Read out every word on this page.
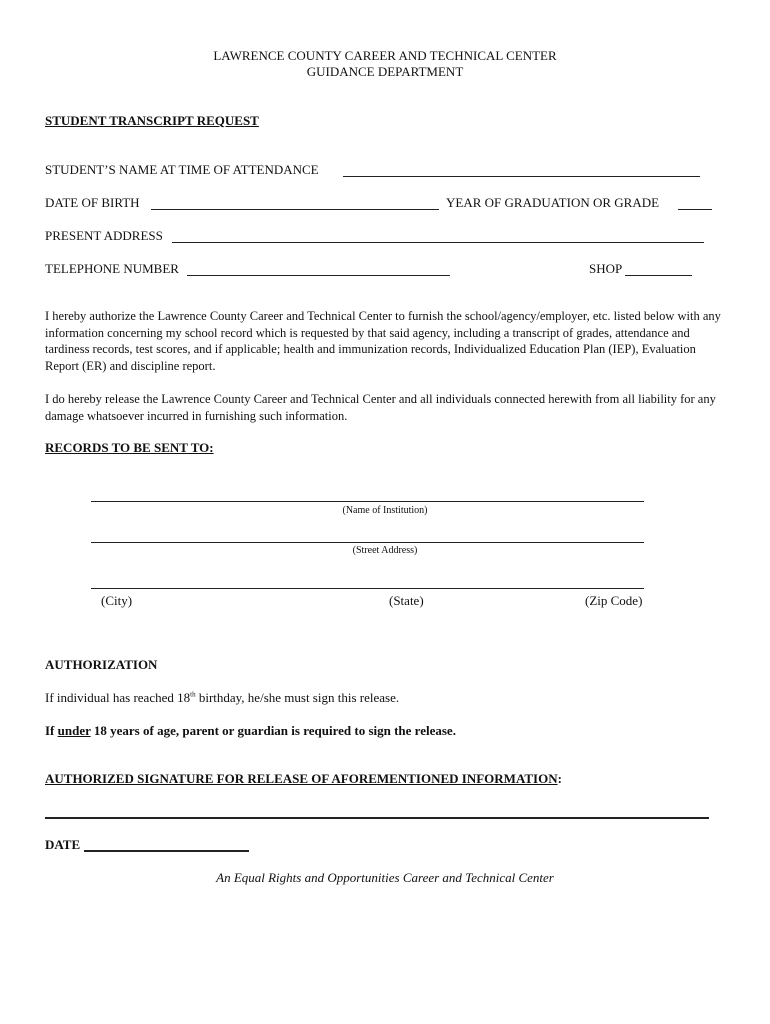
LAWRENCE COUNTY CAREER AND TECHNICAL CENTER
GUIDANCE DEPARTMENT
STUDENT TRANSCRIPT REQUEST
STUDENT’S NAME AT TIME OF ATTENDANCE
DATE OF BIRTH	YEAR OF GRADUATION OR GRADE
PRESENT ADDRESS
TELEPHONE NUMBER	SHOP
I hereby authorize the Lawrence County Career and Technical Center to furnish the school/agency/employer, etc. listed below with any information concerning my school record which is requested by that said agency, including a transcript of grades, attendance and tardiness records, test scores, and if applicable; health and immunization records, Individualized Education Plan (IEP), Evaluation Report (ER) and discipline report.
I do hereby release the Lawrence County Career and Technical Center and all individuals connected herewith from all liability for any damage whatsoever incurred in furnishing such information.
RECORDS TO BE SENT TO:
(Name of Institution)
(Street Address)
(City)	(State)	(Zip Code)
AUTHORIZATION
If individual has reached 18th birthday, he/she must sign this release.
If under 18 years of age, parent or guardian is required to sign the release.
AUTHORIZED SIGNATURE FOR RELEASE OF AFOREMENTIONED INFORMATION:
DATE
An Equal Rights and Opportunities Career and Technical Center
